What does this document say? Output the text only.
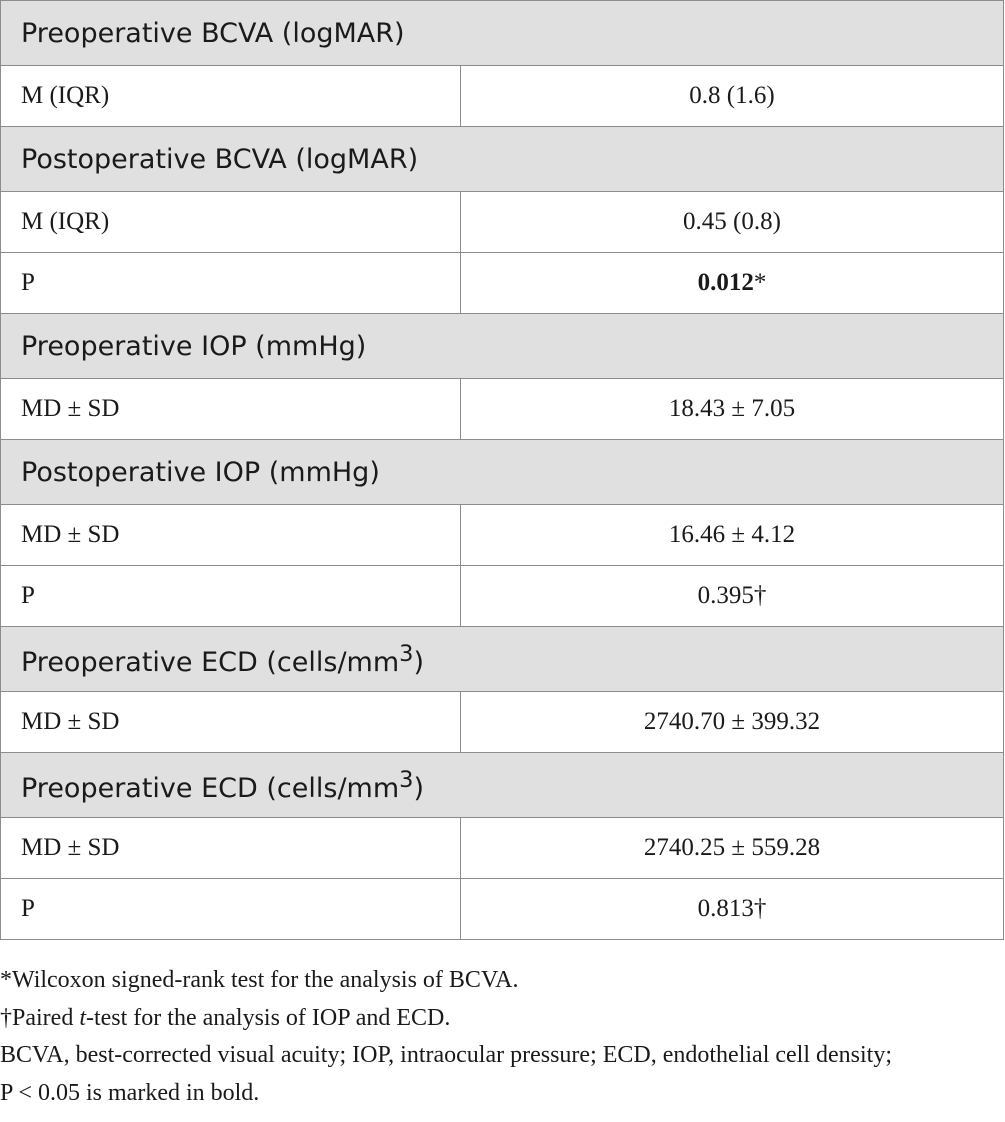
Preoperative BCVA (logMAR)	
M (IQR)	0.8 (1.6)
Postoperative BCVA (logMAR)	
M (IQR)	0.45 (0.8)
P	0.012*
Preoperative IOP (mmHg)	
MD ± SD	18.43 ± 7.05
Postoperative IOP (mmHg)	
MD ± SD	16.46 ± 4.12
P	0.395†
Preoperative ECD $(cells/mm^3)$	
MD ± SD	2740.70 ± 399.32
Preoperative ECD $(cells/mm^3)$	
MD ± SD	2740.25 ± 559.28
P	0.813†

*Wilcoxon signed-rank test for the analysis of BCVA.

†Paired t-test for the analysis of IOP and ECD.

BCVA, best-corrected visual acuity; IOP, intraocular pressure; ECD, endothelial cell density;

P < 0.05 is marked in bold.
